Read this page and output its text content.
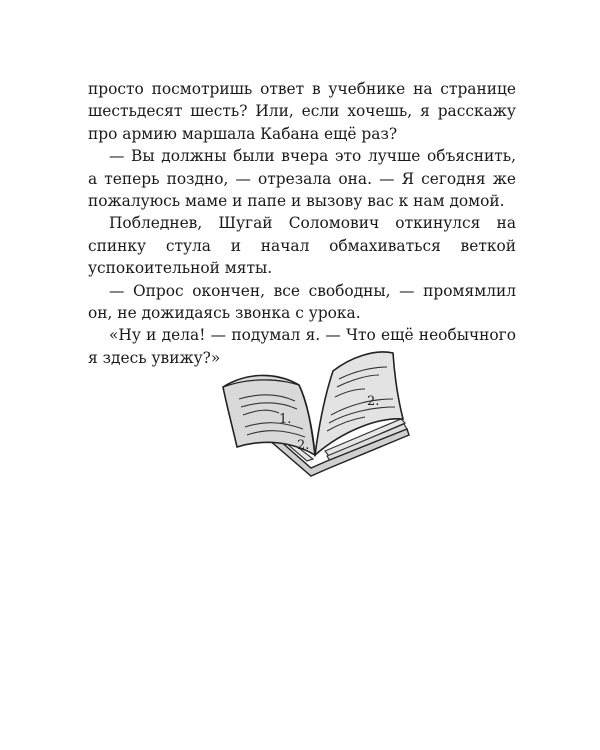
просто посмотришь ответ в учебнике на странице шестьдесят шесть? Или, если хочешь, я расскажу про армию маршала Кабана ещё раз?

— Вы должны были вчера это лучше объяснить, а теперь поздно, — отрезала она. — Я сегодня же пожалуюсь маме и папе и вызову вас к нам домой.

Побледнев, Шугай Соломович откинулся на спинку стула и начал обмахиваться веткой успокоительной мяты.

— Опрос окончен, все свободны, — промямлил он, не дожидаясь звонка с урока.

«Ну и дела! — подумал я. — Что ещё необычного я здесь увижу?»

1.
2.
2.
